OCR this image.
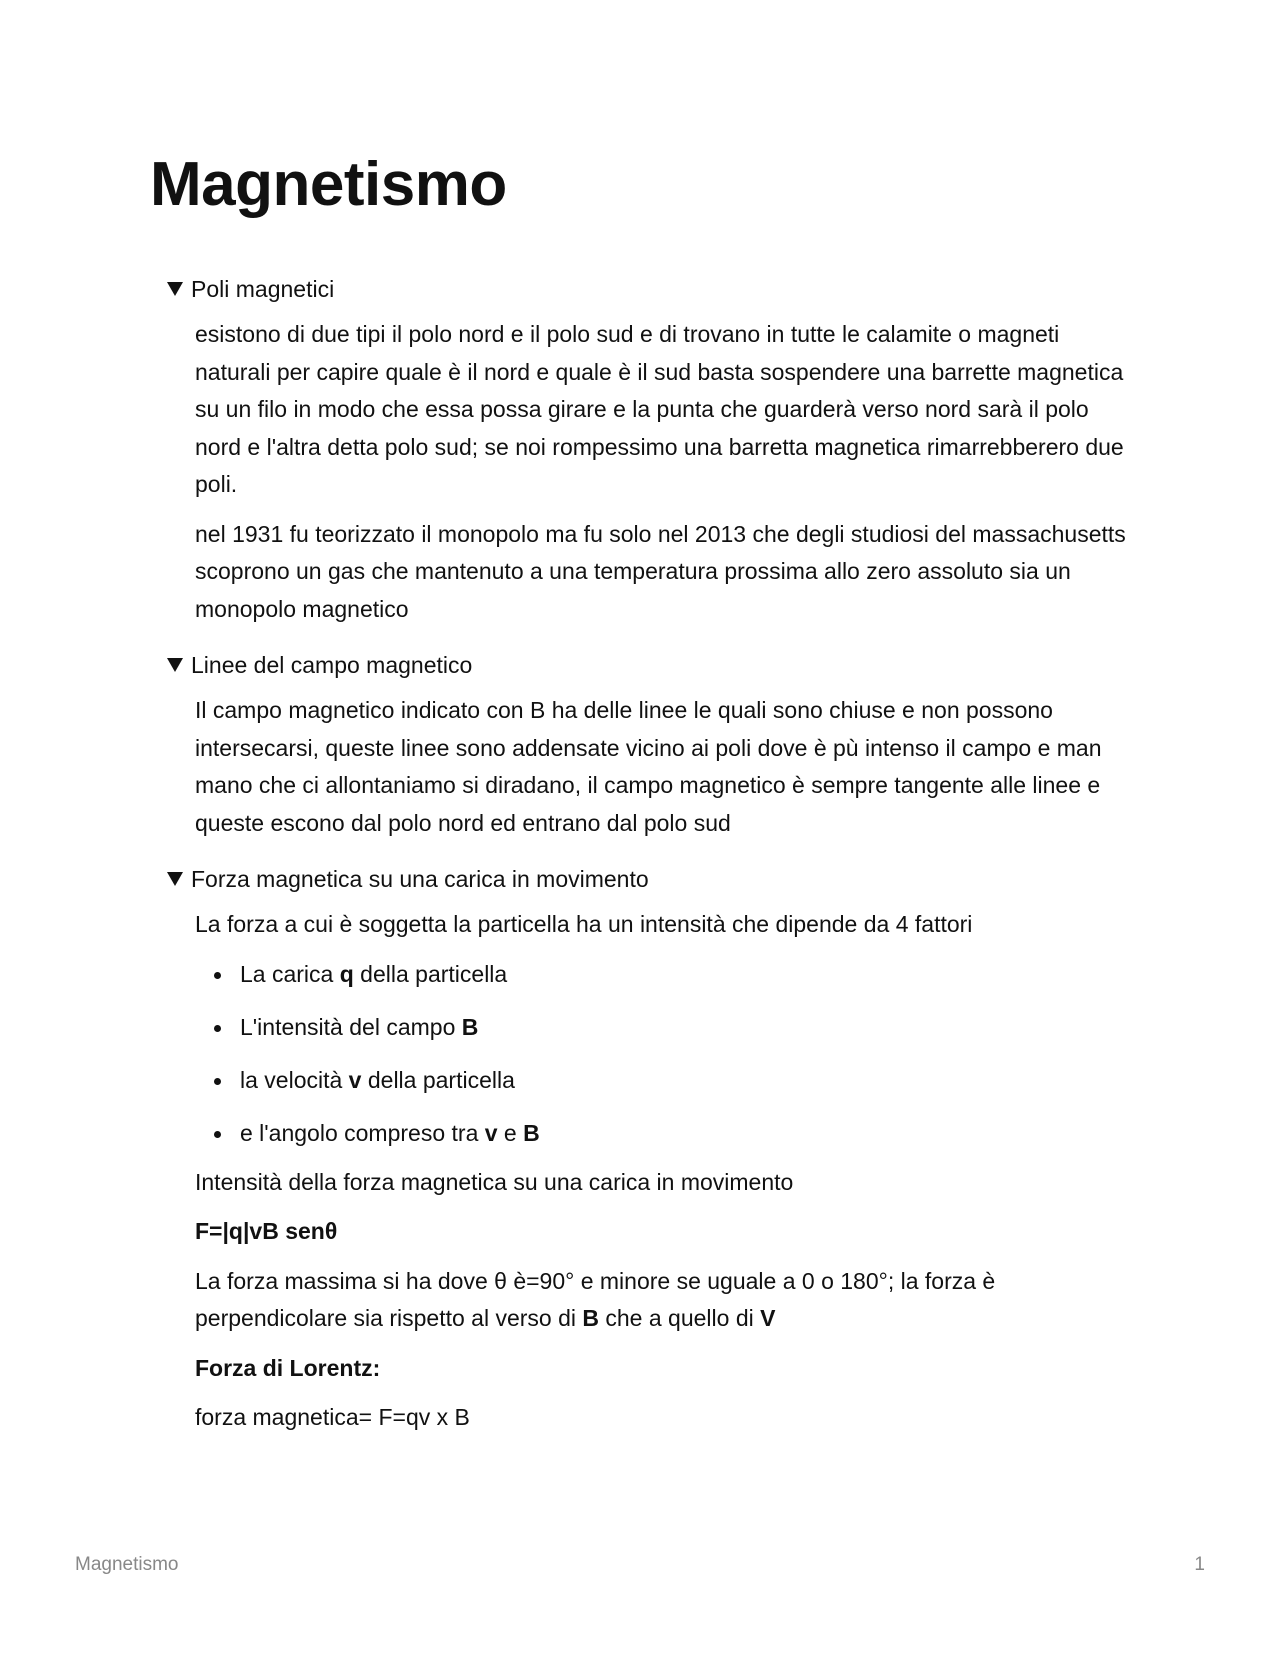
Magnetismo
Poli magnetici

esistono di due tipi il polo nord e il polo sud e di trovano in tutte le calamite o magneti naturali per capire quale è il nord e quale è il sud basta sospendere una barrette magnetica su un filo in modo che essa possa girare e la punta che guarderà verso nord sarà il polo nord e l'altra detta polo sud; se noi rompessimo una barretta magnetica rimarrebberero due poli.

nel 1931 fu teorizzato il monopolo ma fu solo nel 2013 che degli studiosi del massachusetts scoprono un gas che mantenuto a una temperatura prossima allo zero assoluto sia un monopolo magnetico

Linee del campo magnetico

Il campo magnetico indicato con B ha delle linee le quali sono chiuse e non possono intersecarsi, queste linee sono addensate vicino ai poli dove è pù intenso il campo e man mano che ci allontaniamo si diradano, il campo magnetico è sempre tangente alle linee e queste escono dal polo nord ed entrano dal polo sud

Forza magnetica su una carica in movimento

La forza a cui è soggetta la particella ha un intensità che dipende da 4 fattori

La carica q della particella
L'intensità del campo B
la velocità v della particella
e l'angolo compreso tra v e B

Intensità della forza magnetica su una carica in movimento

F=|q|vB senθ

La forza massima si ha dove θ è=90° e minore se uguale a 0 o 180°; la forza è perpendicolare sia rispetto al verso di B che a quello di V

Forza di Lorentz:

forza magnetica= F=qv x B

Magnetismo	1
